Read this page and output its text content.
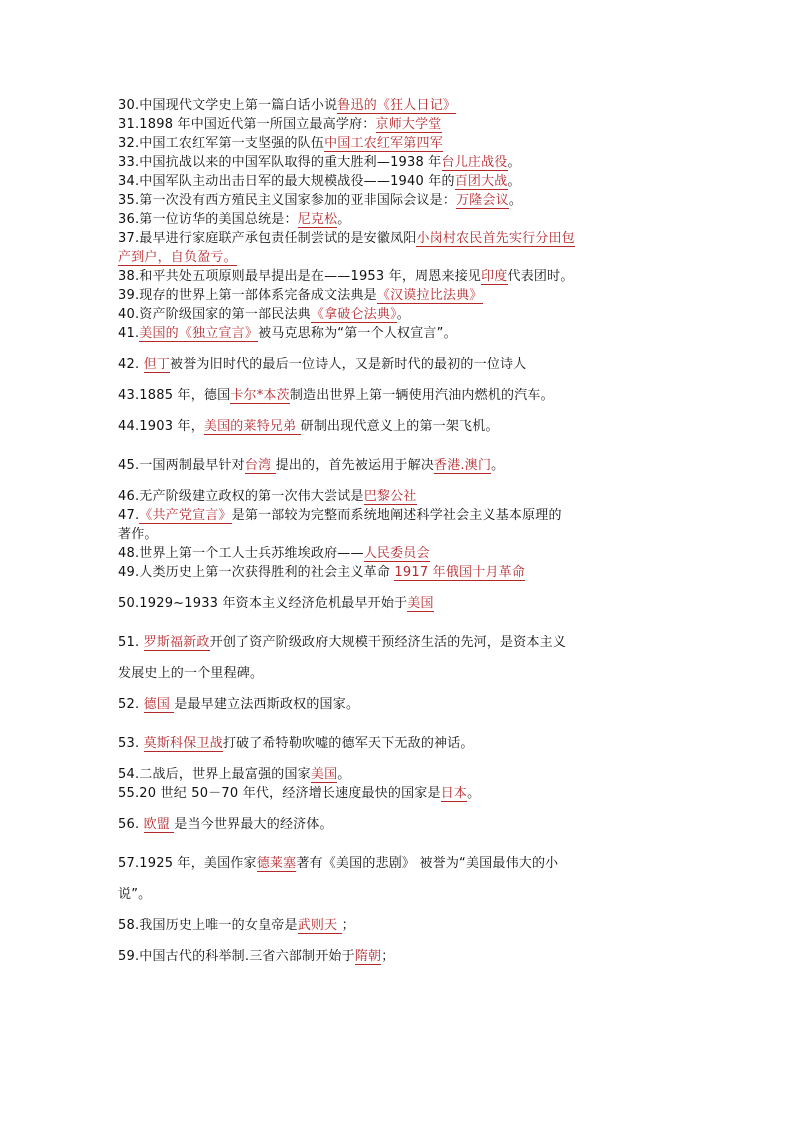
30.中国现代文学史上第一篇白话小说鲁迅的《狂人日记》

31.1898 年中国近代第一所国立最高学府：京师大学堂

32.中国工农红军第一支坚强的队伍中国工农红军第四军

33.中国抗战以来的中国军队取得的重大胜利—1938 年台儿庄战役。

34.中国军队主动出击日军的最大规模战役——1940 年的百团大战。

35.第一次没有西方殖民主义国家参加的亚非国际会议是：万隆会议。

36.第一位访华的美国总统是：尼克松。

37.最早进行家庭联产承包责任制尝试的是安徽凤阳小岗村农民首先实行分田包

产到户，自负盈亏。

38.和平共处五项原则最早提出是在——1953 年，周恩来接见印度代表团时。

39.现存的世界上第一部体系完备成文法典是《汉谟拉比法典》

40.资产阶级国家的第一部民法典《拿破仑法典》。

41.美国的《独立宣言》被马克思称为“第一个人权宣言”。

42. 但丁被誉为旧时代的最后一位诗人，又是新时代的最初的一位诗人

43.1885 年，德国卡尔*本茨制造出世界上第一辆使用汽油内燃机的汽车。

44.1903 年，美国的莱特兄弟 研制出现代意义上的第一架飞机。

45.一国两制最早针对台湾 提出的，首先被运用于解决香港.澳门。

46.无产阶级建立政权的第一次伟大尝试是巴黎公社

47.《共产党宣言》是第一部较为完整而系统地阐述科学社会主义基本原理的

著作。

48.世界上第一个工人士兵苏维埃政府——人民委员会

49.人类历史上第一次获得胜利的社会主义革命 1917 年俄国十月革命

50.1929~1933 年资本主义经济危机最早开始于美国

51. 罗斯福新政开创了资产阶级政府大规模干预经济生活的先河，是资本主义

发展史上的一个里程碑。

52. 德国 是最早建立法西斯政权的国家。

53. 莫斯科保卫战打破了希特勒吹嘘的德军天下无敌的神话。

54.二战后，世界上最富强的国家美国。

55.20 世纪 50－70 年代，经济增长速度最快的国家是日本。

56. 欧盟 是当今世界最大的经济体。

57.1925 年，美国作家德莱塞著有《美国的悲剧》 被誉为“美国最伟大的小

说”。

58.我国历史上唯一的女皇帝是武则天 ；

59.中国古代的科举制.三省六部制开始于隋朝；
